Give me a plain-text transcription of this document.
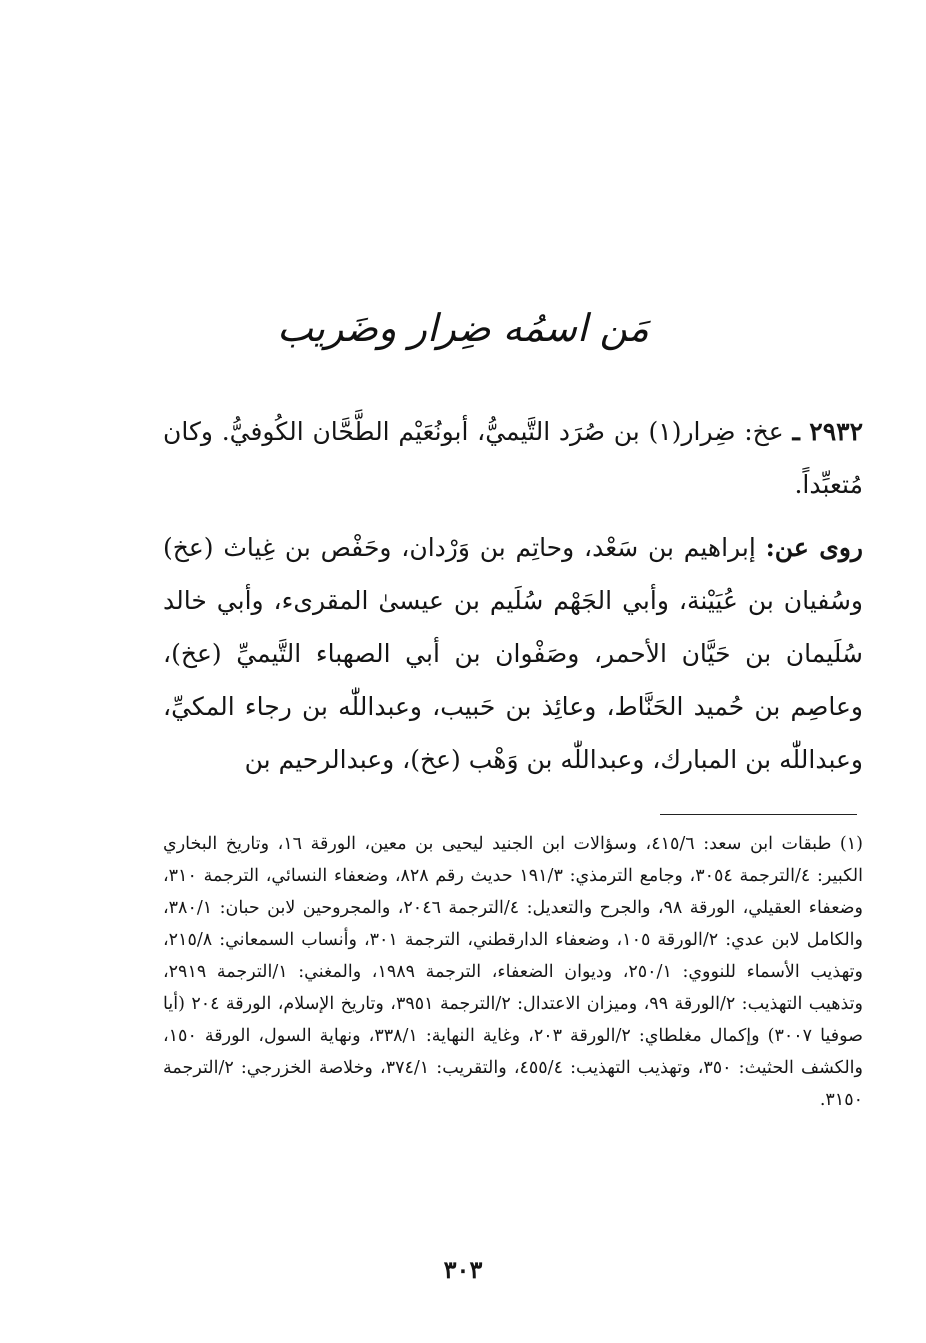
مَن اسمُه ضِرار وضَريب

٢٩٣٢ ـ عخ: ضِرار(١) بن صُرَد التَّيميُّ، أبونُعَيْم الطَّحَّان الكُوفيُّ. وكان مُتعبِّداً.

روى عن: إبراهيم بن سَعْد، وحاتِم بن وَرْدان، وحَفْص بن غِياث (عخ) وسُفيان بن عُيَيْنة، وأبي الجَهْم سُلَيم بن عيسىٰ المقرىء، وأبي خالد سُلَيمان بن حَيَّان الأحمر، وصَفْوان بن أبي الصهباء التَّيميِّ (عخ)، وعاصِم بن حُميد الحَنَّاط، وعائِذ بن حَبيب، وعبداللّٰه بن رجاء المكيِّ، وعبداللّٰه بن المبارك، وعبداللّٰه بن وَهْب (عخ)، وعبدالرحيم بن

(١) طبقات ابن سعد: ٤١٥/٦، وسؤالات ابن الجنيد ليحيى بن معين، الورقة ١٦، وتاريخ البخاري الكبير: ٤/الترجمة ٣٠٥٤، وجامع الترمذي: ١٩١/٣ حديث رقم ٨٢٨، وضعفاء النسائي، الترجمة ٣١٠، وضعفاء العقيلي، الورقة ٩٨، والجرح والتعديل: ٤/الترجمة ٢٠٤٦، والمجروحين لابن حبان: ٣٨٠/١، والكامل لابن عدي: ٢/الورقة ١٠٥، وضعفاء الدارقطني، الترجمة ٣٠١، وأنساب السمعاني: ٢١٥/٨، وتهذيب الأسماء للنووي: ٢٥٠/١، وديوان الضعفاء، الترجمة ١٩٨٩، والمغني: ١/الترجمة ٢٩١٩، وتذهيب التهذيب: ٢/الورقة ٩٩، وميزان الاعتدال: ٢/الترجمة ٣٩٥١، وتاريخ الإسلام، الورقة ٢٠٤ (أيا صوفيا ٣٠٠٧) وإكمال مغلطاي: ٢/الورقة ٢٠٣، وغاية النهاية: ٣٣٨/١، ونهاية السول، الورقة ١٥٠، والكشف الحثيث: ٣٥٠، وتهذيب التهذيب: ٤٥٥/٤، والتقريب: ٣٧٤/١، وخلاصة الخزرجي: ٢/الترجمة ٣١٥٠.

٣٠٣
